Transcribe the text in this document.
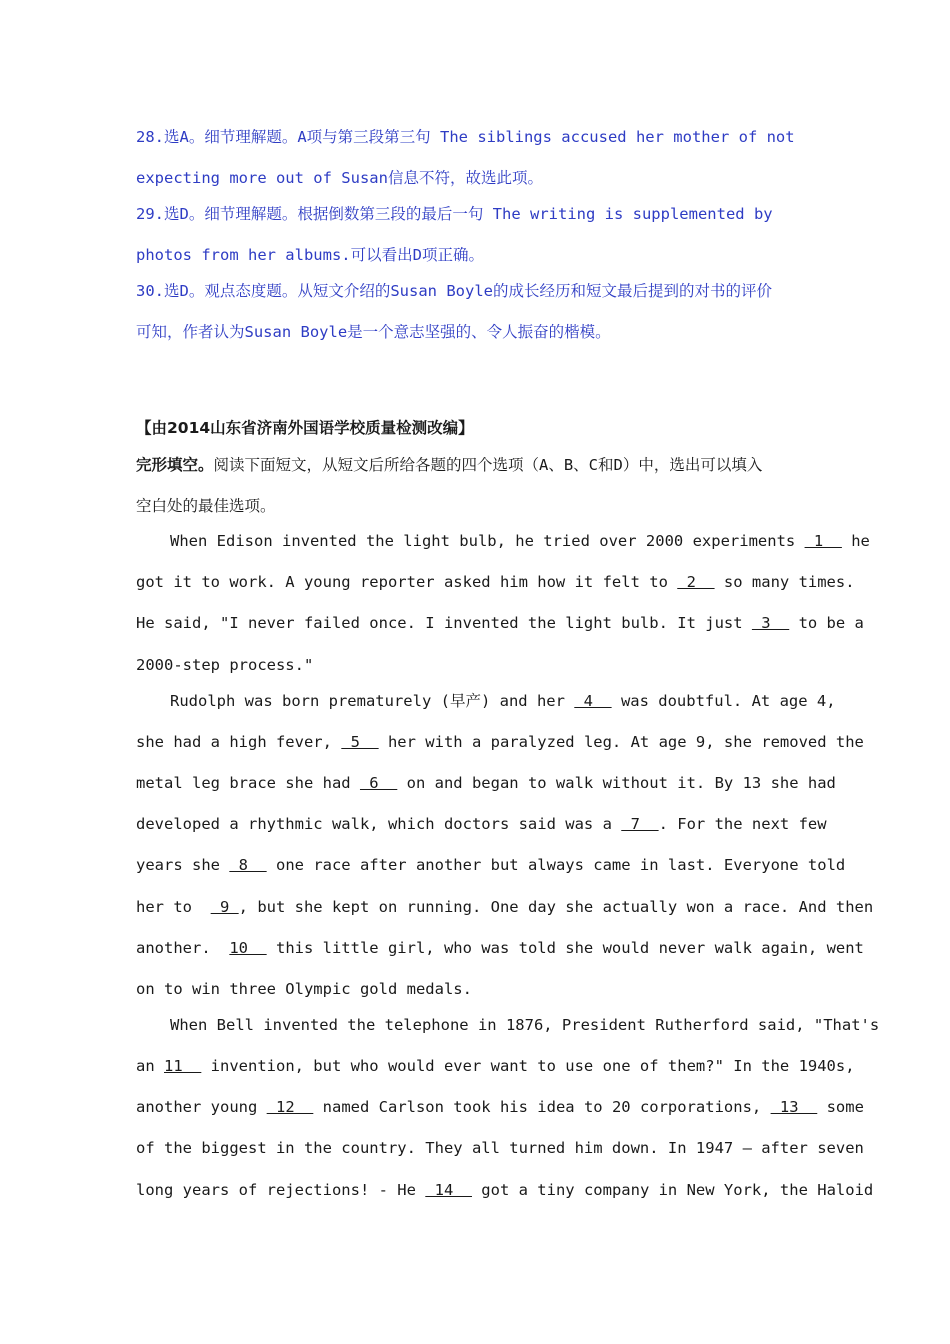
28.选A。细节理解题。A项与第三段第三句 The siblings accused her mother of not
expecting more out of Susan信息不符，故选此项。
29.选D。细节理解题。根据倒数第三段的最后一句 The writing is supplemented by
photos from her albums.可以看出D项正确。
30.选D。观点态度题。从短文介绍的Susan Boyle的成长经历和短文最后提到的对书的评价
可知，作者认为Susan Boyle是一个意志坚强的、令人振奋的楷模。
【由2014山东省济南外国语学校质量检测改编】
完形填空。阅读下面短文，从短文后所给各题的四个选项（A、B、C和D）中，选出可以填入
空白处的最佳选项。
When Edison invented the light bulb, he tried over 2000 experiments  1   he
got it to work. A young reporter asked him how it felt to  2   so many times.
He said, "I never failed once. I invented the light bulb. It just  3   to be a
2000-step process."
Rudolph was born prematurely (早产) and her  4   was doubtful. At age 4,
she had a high fever,  5   her with a paralyzed leg. At age 9, she removed the
metal leg brace she had  6   on and began to walk without it. By 13 she had
developed a rhythmic walk, which doctors said was a  7  . For the next few
years she  8   one race after another but always came in last. Everyone told
her to   9 , but she kept on running. One day she actually won a race. And then
another.  10   this little girl, who was told she would never walk again, went
on to win three Olympic gold medals.
When Bell invented the telephone in 1876, President Rutherford said, "That's
an 11   invention, but who would ever want to use one of them?" In the 1940s,
another young  12   named Carlson took his idea to 20 corporations,  13   some
of the biggest in the country. They all turned him down. In 1947 — after seven
long years of rejections! - He  14   got a tiny company in New York, the Haloid
